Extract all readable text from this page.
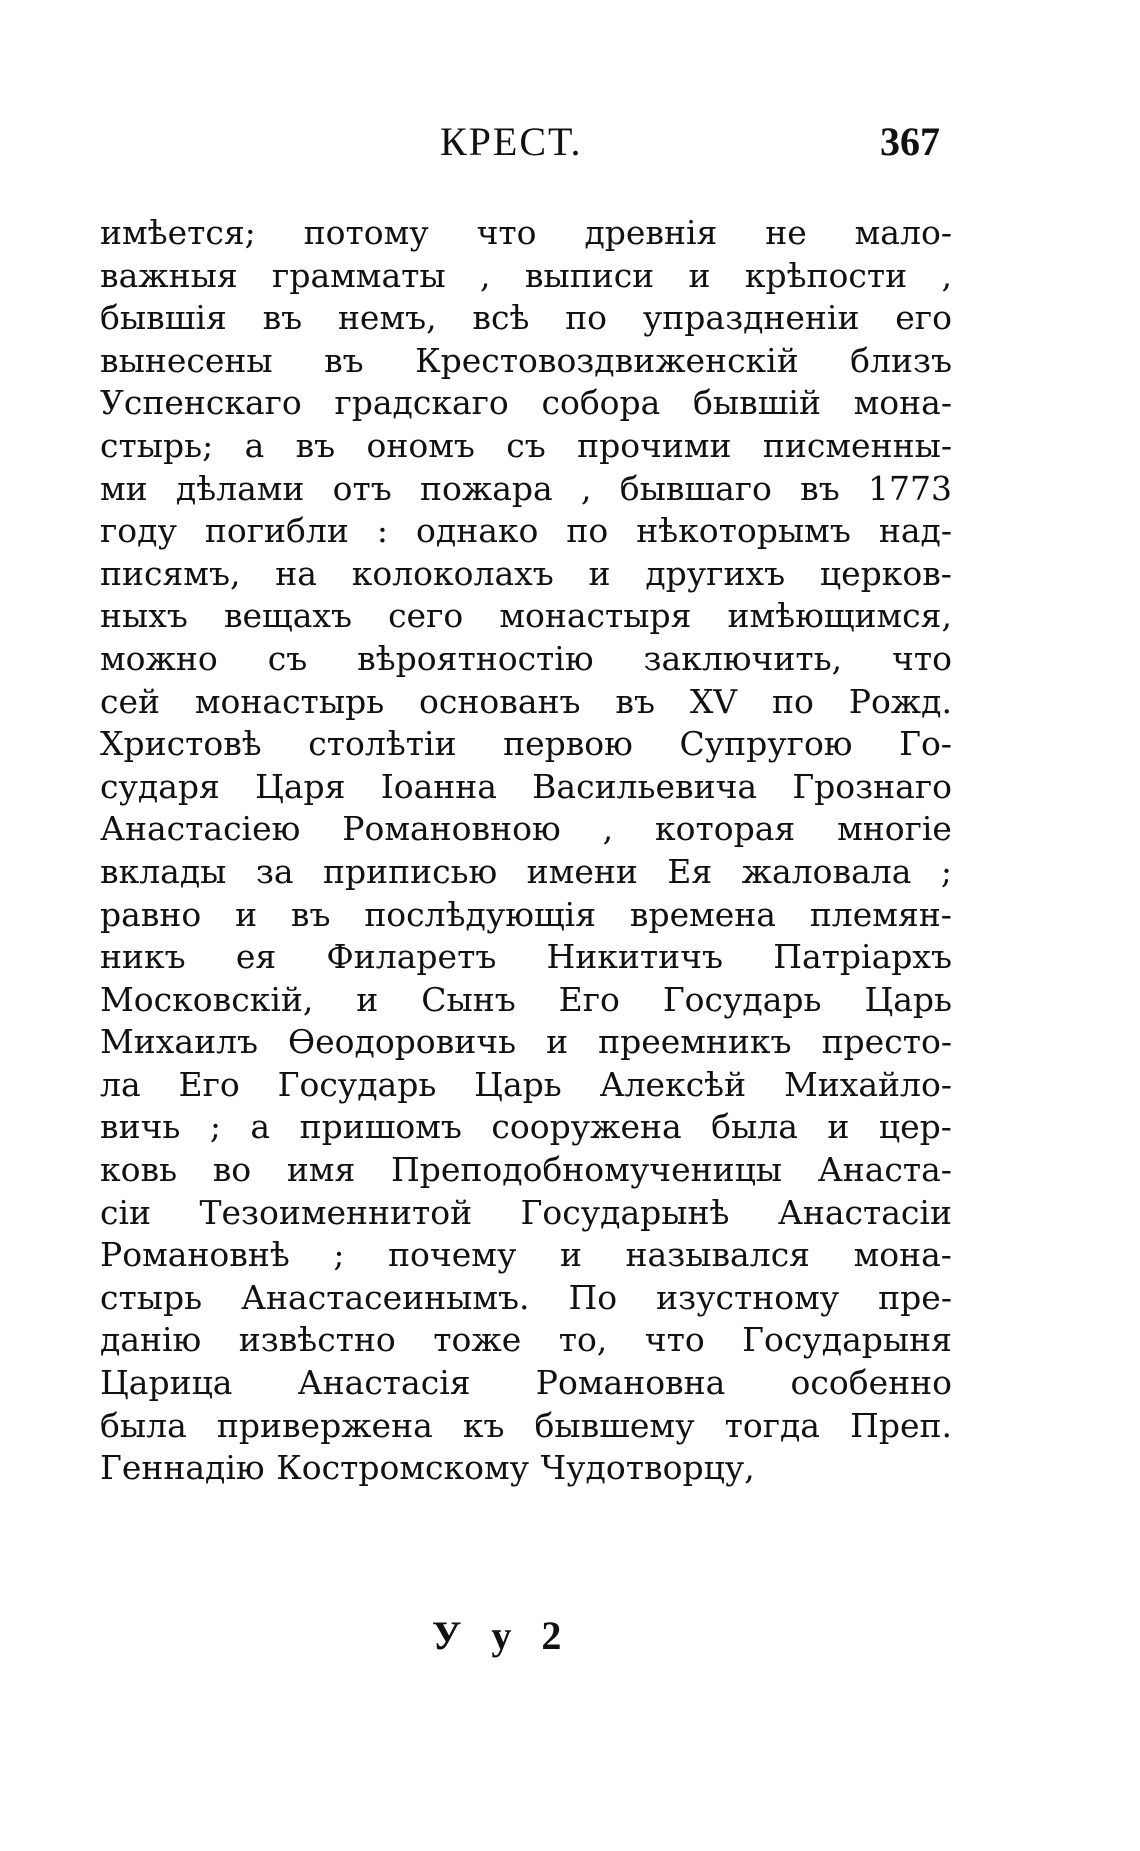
КРЕСТ.	367
имѣется; потому что древнія не мало-
важныя грамматы , выписи и крѣпости ,
бывшія въ немъ, всѣ по упраздненіи его
вынесены въ Крестовоздвиженскій близъ
Успенскаго градскаго собора бывшій мона-
стырь; а въ ономъ съ прочими писменны-
ми дѣлами отъ пожара , бывшаго въ 1773
году погибли : однако по нѣкоторымъ над-
писямъ, на колоколахъ и другихъ церков-
ныхъ вещахъ сего монастыря имѣющимся,
можно съ вѣроятностію заключить, что
сей монастырь основанъ въ XV по Рожд.
Христовѣ столѣтіи первою Супругою Го-
сударя Царя Іоанна Васильевича Грознаго
Анастасіею Романовною , которая многіе
вклады за приписью имени Ея жаловала ;
равно и въ послѣдующія времена племян-
никъ ея Филаретъ Никитичъ Патріархъ
Московскій, и Сынъ Его Государь Царь
Михаилъ Ѳеодоровичь и преемникъ престо-
ла Его Государь Царь Алексѣй Михайло-
вичь ; а пришомъ сооружена была и цер-
ковь во имя Преподобномученицы Анаста-
сіи Тезоименнитой Государынѣ Анастасіи
Романовнѣ ; почему и назывался мона-
стырь Анастасеинымъ. По изустному пре-
данію извѣстно тоже то, что Государыня
Царица Анастасія Романовна особенно
была привержена къ бывшему тогда Преп.
Геннадію Костромскому Чудотворцу,
У у 2
